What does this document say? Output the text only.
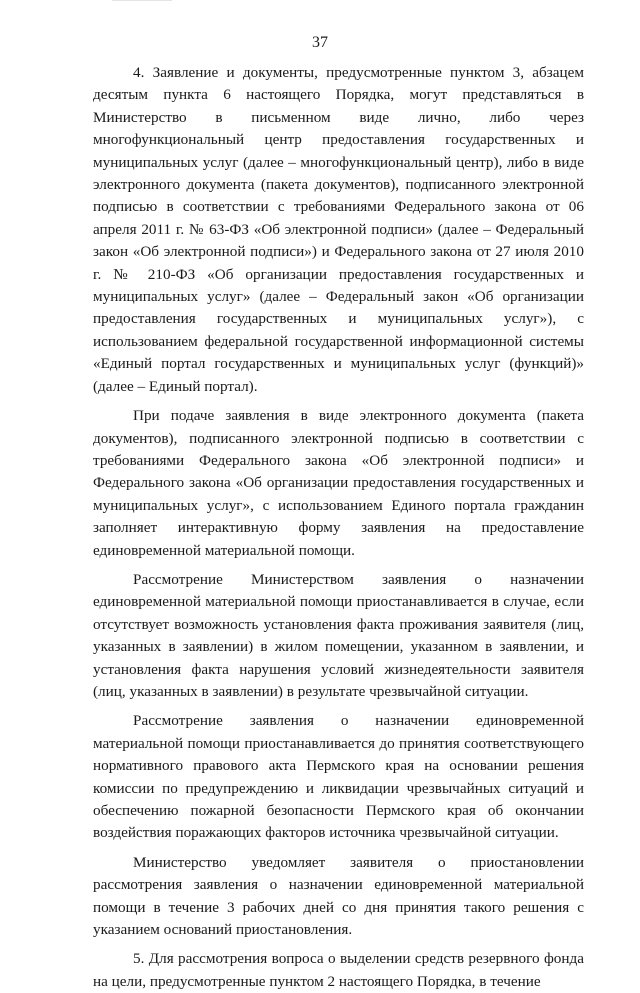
37

4. Заявление и документы, предусмотренные пунктом 3, абзацем десятым пункта 6 настоящего Порядка, могут представляться в Министерство в письменном виде лично, либо через многофункциональный центр предоставления государственных и муниципальных услуг (далее – многофункциональный центр), либо в виде электронного документа (пакета документов), подписанного электронной подписью в соответствии с требованиями Федерального закона от 06 апреля 2011 г. № 63-ФЗ «Об электронной подписи» (далее – Федеральный закон «Об электронной подписи») и Федерального закона от 27 июля 2010 г. № 210-ФЗ «Об организации предоставления государственных и муниципальных услуг» (далее – Федеральный закон «Об организации предоставления государственных и муниципальных услуг»), с использованием федеральной государственной информационной системы «Единый портал государственных и муниципальных услуг (функций)» (далее – Единый портал).

При подаче заявления в виде электронного документа (пакета документов), подписанного электронной подписью в соответствии с требованиями Федерального закона «Об электронной подписи» и Федерального закона «Об организации предоставления государственных и муниципальных услуг», с использованием Единого портала гражданин заполняет интерактивную форму заявления на предоставление единовременной материальной помощи.

Рассмотрение Министерством заявления о назначении единовременной материальной помощи приостанавливается в случае, если отсутствует возможность установления факта проживания заявителя (лиц, указанных в заявлении) в жилом помещении, указанном в заявлении, и установления факта нарушения условий жизнедеятельности заявителя (лиц, указанных в заявлении) в результате чрезвычайной ситуации.

Рассмотрение заявления о назначении единовременной материальной помощи приостанавливается до принятия соответствующего нормативного правового акта Пермского края на основании решения комиссии по предупреждению и ликвидации чрезвычайных ситуаций и обеспечению пожарной безопасности Пермского края об окончании воздействия поражающих факторов источника чрезвычайной ситуации.

Министерство уведомляет заявителя о приостановлении рассмотрения заявления о назначении единовременной материальной помощи в течение 3 рабочих дней со дня принятия такого решения с указанием оснований приостановления.

5. Для рассмотрения вопроса о выделении средств резервного фонда на цели, предусмотренные пунктом 2 настоящего Порядка, в течение
